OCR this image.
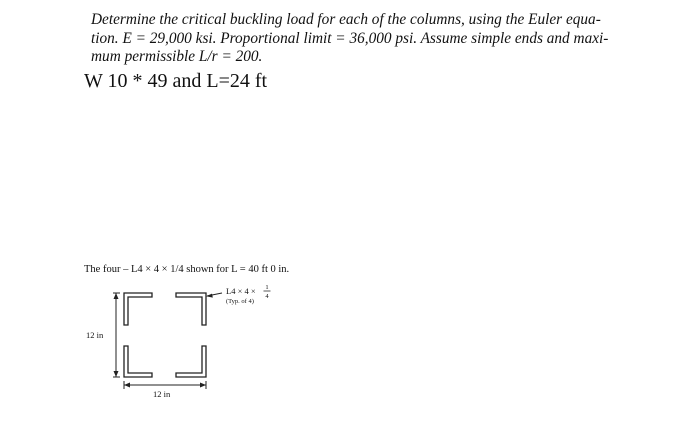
Determine the critical buckling load for each of the columns, using the Euler equa-
tion. E = 29,000 ksi. Proportional limit = 36,000 psi. Assume simple ends and maxi-
mum permissible L/r = 200.
W 10 * 49 and L=24 ft
The four – L4 × 4 × 1/4 shown for L = 40 ft 0 in.
L4 × 4 × 1
4
(Typ. of 4)
12 in
12 in
